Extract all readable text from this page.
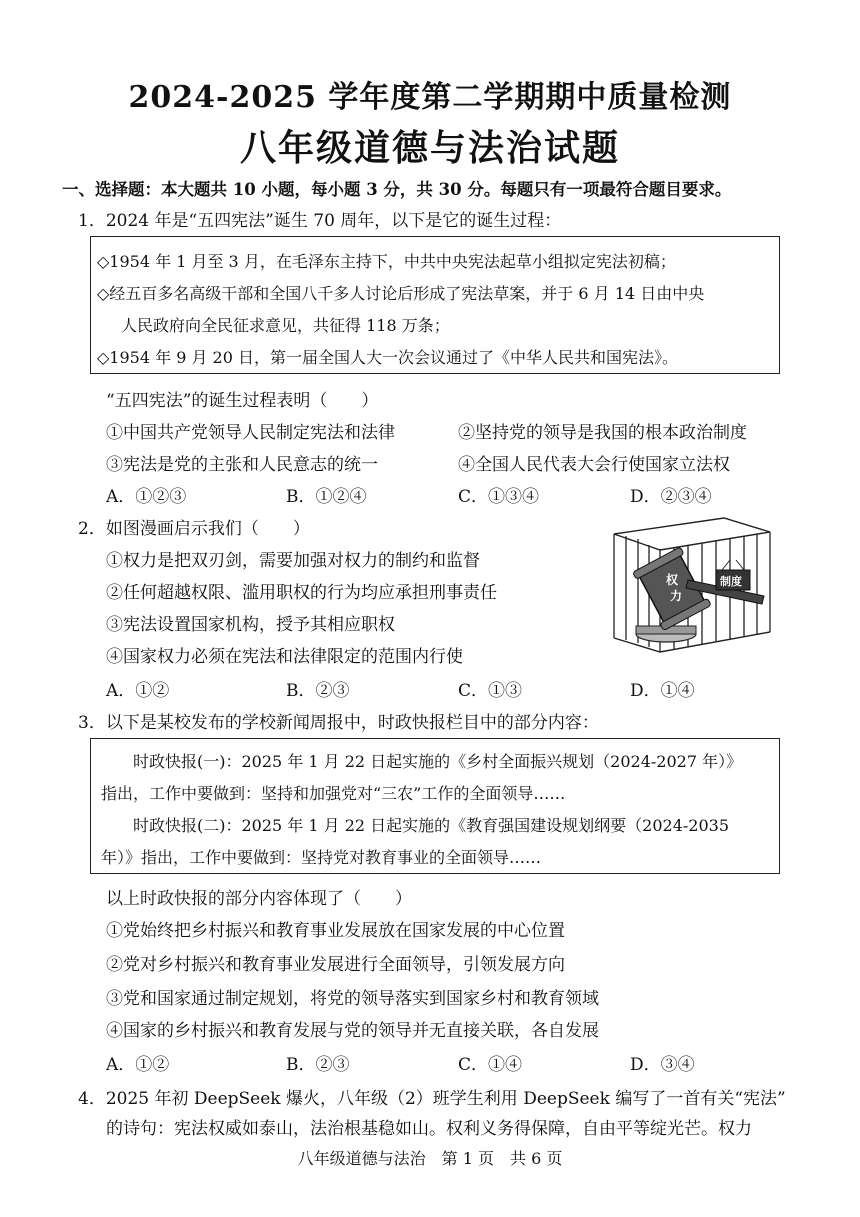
2024-2025 学年度第二学期期中质量检测
八年级道德与法治试题
一、选择题：本大题共 10 小题，每小题 3 分，共 30 分。每题只有一项最符合题目要求。
1．2024 年是“五四宪法”诞生 70 周年，以下是它的诞生过程：
◇1954 年 1 月至 3 月，在毛泽东主持下，中共中央宪法起草小组拟定宪法初稿；
◇经五百多名高级干部和全国八千多人讨论后形成了宪法草案，并于 6 月 14 日由中央
人民政府向全民征求意见，共征得 118 万条；
◇1954 年 9 月 20 日，第一届全国人大一次会议通过了《中华人民共和国宪法》。
“五四宪法”的诞生过程表明（　　）
①中国共产党领导人民制定宪法和法律	②坚持党的领导是我国的根本政治制度
③宪法是党的主张和人民意志的统一	④全国人民代表大会行使国家立法权
A．①②③	B．①②④	C．①③④	D．②③④
2．如图漫画启示我们（　　）
①权力是把双刃剑，需要加强对权力的制约和监督
②任何超越权限、滥用职权的行为均应承担刑事责任
③宪法设置国家机构，授予其相应职权
④国家权力必须在宪法和法律限定的范围内行使
A．①②	B．②③	C．①③	D．①④
权
力
制度
3．以下是某校发布的学校新闻周报中，时政快报栏目中的部分内容：
时政快报(一)：2025 年 1 月 22 日起实施的《乡村全面振兴规划（2024-2027 年）》
指出，工作中要做到：坚持和加强党对“三农”工作的全面领导……
时政快报(二)：2025 年 1 月 22 日起实施的《教育强国建设规划纲要（2024-2035
年）》指出，工作中要做到：坚持党对教育事业的全面领导……
以上时政快报的部分内容体现了（　　）
①党始终把乡村振兴和教育事业发展放在国家发展的中心位置
②党对乡村振兴和教育事业发展进行全面领导，引领发展方向
③党和国家通过制定规划，将党的领导落实到国家乡村和教育领域
④国家的乡村振兴和教育发展与党的领导并无直接关联，各自发展
A．①②	B．②③	C．①④	D．③④
4．2025 年初 DeepSeek 爆火，八年级（2）班学生利用 DeepSeek 编写了一首有关“宪法”
的诗句：宪法权威如泰山，法治根基稳如山。权利义务得保障，自由平等绽光芒。权力
八年级道德与法治　第 1 页　共 6 页
